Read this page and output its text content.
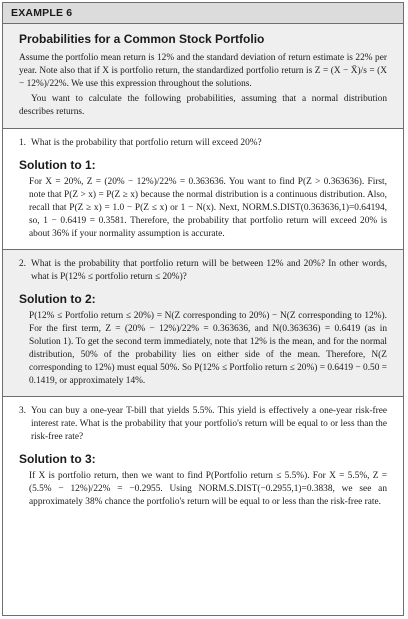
EXAMPLE 6
Probabilities for a Common Stock Portfolio

Assume the portfolio mean return is 12% and the standard deviation of return estimate is 22% per year. Note also that if X is portfolio return, the standardized portfolio return is Z = (X − X̄)/s = (X − 12%)/22%. We use this expression throughout the solutions.

You want to calculate the following probabilities, assuming that a normal distribution describes returns.

1. What is the probability that portfolio return will exceed 20%?
Solution to 1:

For X = 20%, Z = (20% − 12%)/22% = 0.363636. You want to find P(Z > 0.363636). First, note that P(Z > x) = P(Z ≥ x) because the normal distribution is a continuous distribution. Also, recall that P(Z ≥ x) = 1.0 − P(Z ≤ x) or 1 − N(x). Next, NORM.S.DIST(0.363636,1)=0.64194, so, 1 − 0.6419 = 0.3581. Therefore, the probability that portfolio return will exceed 20% is about 36% if your normality assumption is accurate.

2. What is the probability that portfolio return will be between 12% and 20%? In other words, what is P(12% ≤ portfolio return ≤ 20%)?
Solution to 2:

P(12% ≤ Portfolio return ≤ 20%) = N(Z corresponding to 20%) − N(Z corresponding to 12%). For the first term, Z = (20% − 12%)/22% = 0.363636, and N(0.363636) = 0.6419 (as in Solution 1). To get the second term immediately, note that 12% is the mean, and for the normal distribution, 50% of the probability lies on either side of the mean. Therefore, N(Z corresponding to 12%) must equal 50%. So P(12% ≤ Portfolio return ≤ 20%) = 0.6419 − 0.50 = 0.1419, or approximately 14%.

3. You can buy a one-year T-bill that yields 5.5%. This yield is effectively a one-year risk-free interest rate. What is the probability that your portfolio's return will be equal to or less than the risk-free rate?
Solution to 3:

If X is portfolio return, then we want to find P(Portfolio return ≤ 5.5%). For X = 5.5%, Z = (5.5% − 12%)/22% = −0.2955. Using NORM.S.DIST(−0.2955,1)=0.3838, we see an approximately 38% chance the portfolio's return will be equal to or less than the risk-free rate.
